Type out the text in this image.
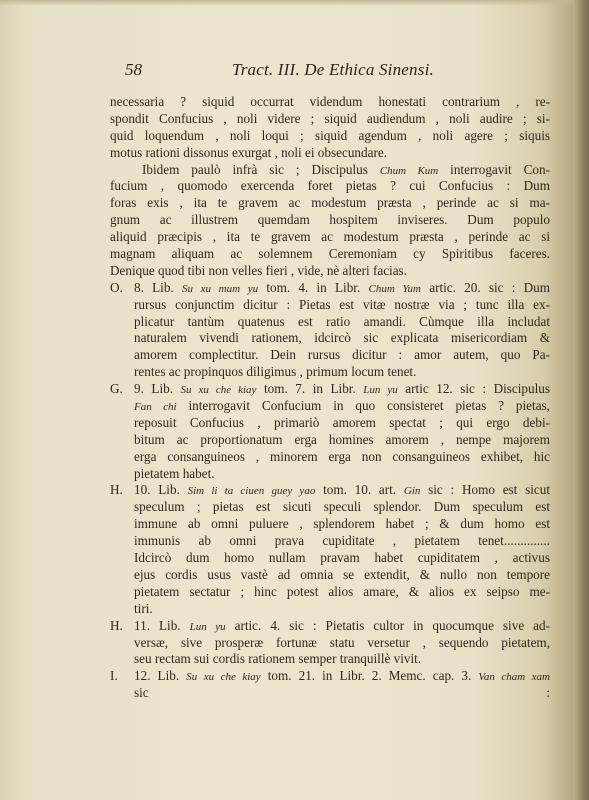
58	Tract. III. De Ethica Sinensi.
necessaria ? siquid occurrat videndum honestati contrarium , re-
spondit Confucius , noli videre ; siquid audiendum , noli audire ; si-
quid loquendum , noli loqui ; siquid agendum , noli agere ; siquis
motus rationi dissonus exurgat , noli ei obsecundare.
Ibidem paulò infrà sic ; Discipulus Chum Kum interrogavit Con-
fucium , quomodo exercenda foret pietas ? cui Confucius : Dum
foras exis , ita te gravem ac modestum præsta , perinde ac si ma-
gnum ac illustrem quemdam hospitem inviseres. Dum populo
aliquid præcipis , ita te gravem ac modestum præsta , perinde ac si
magnam aliquam ac solemnem Ceremoniam cy Spiritibus faceres.
Denique quod tibi non velles fieri , vide, nè alteri facias.
O. 8. Lib. Su xu mum yu tom. 4. in Libr. Chum Yum artic. 20. sic : Dum
rursus conjunctim dicitur : Pietas est vitæ nostræ via ; tunc illa ex-
plicatur tantùm quatenus est ratio amandi. Cùmque illa includat
naturalem vivendi rationem, idcircò sic explicata misericordiam &
amorem complectitur. Dein rursus dicitur : amor autem, quo Pa-
rentes ac propinquos diligimus , primum locum tenet.
G. 9. Lib. Su xu che kiay tom. 7. in Libr. Lun yu artic 12. sic : Discipulus
Fan chi interrogavit Confucium in quo consisteret pietas ? pietas,
reposuit Confucius , primariò amorem spectat ; qui ergo debi-
bitum ac proportionatum erga homines amorem , nempe majorem
erga consanguineos , minorem erga non consanguineos exhibet, hic
pietatem habet.
H. 10. Lib. Sim li ta ciuen guey yao tom. 10. art. Gin sic : Homo est sicut
speculum ; pietas est sicuti speculi splendor. Dum speculum est
immune ab omni puluere , splendorem habet ; & dum homo est
immunis ab omni prava cupiditate , pietatem tenet..............
Idcircò dum homo nullam pravam habet cupiditatem , activus
ejus cordis usus vastè ad omnia se extendit, & nullo non tempore
pietatem sectatur ; hinc potest alios amare, & alios ex seipso me-
tiri.
H. 11. Lib. Lun yu artic. 4. sic : Pietatis cultor in quocumque sive ad-
versæ, sive prosperæ fortunæ statu versetur , sequendo pietatem,
seu rectam sui cordis rationem semper tranquillè vivit.
I. 12. Lib. Su xu che kiay tom. 21. in Libr. 2. Memc. cap. 3. Van cham xam
sic :
